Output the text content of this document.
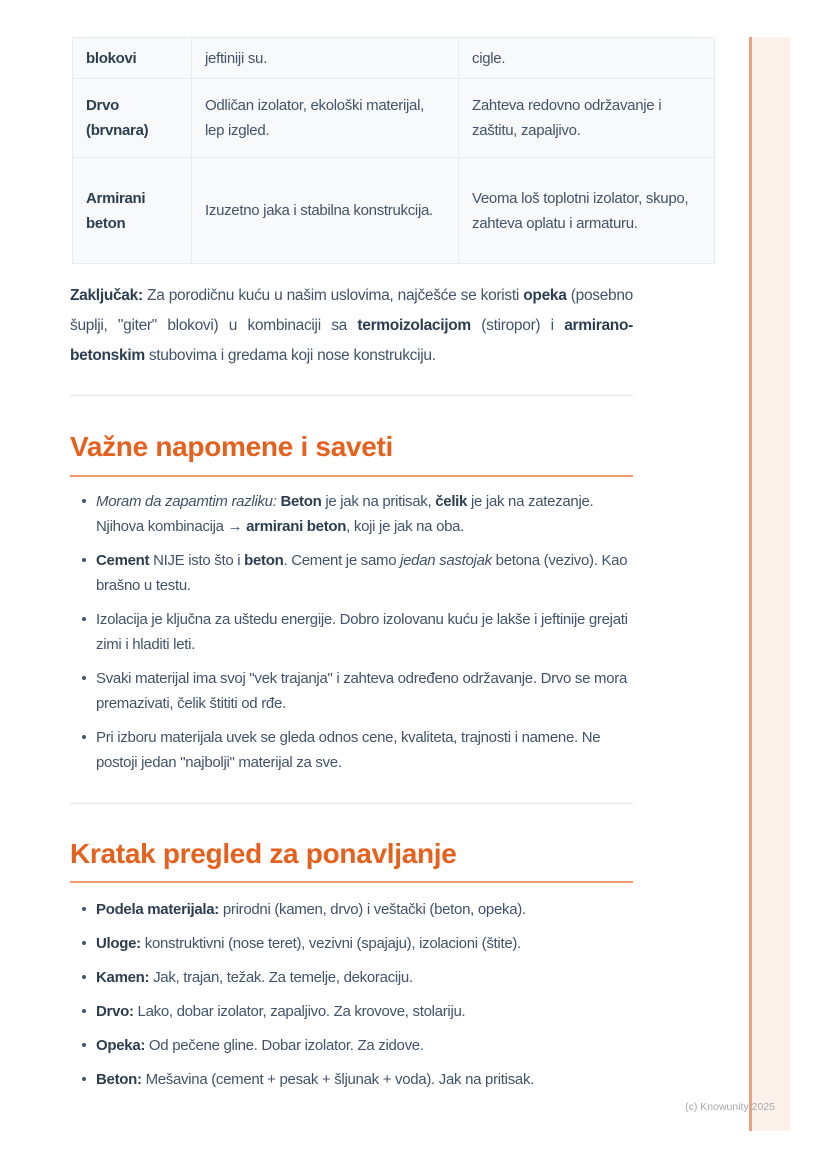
blokovi	jeftiniji su.	cigle.
Drvo (brvnara)	Odličan izolator, ekološki materijal, lep izgled.	Zahteva redovno održavanje i zaštitu, zapaljivo.
Armirani beton	Izuzetno jaka i stabilna konstrukcija.	Veoma loš toplotni izolator, skupo, zahteva oplatu i armaturu.

Zaključak: Za porodičnu kuću u našim uslovima, najčešće se koristi opeka (posebno šuplji, "giter" blokovi) u kombinaciji sa termoizolacijom (stiropor) i armirano-betonskim stubovima i gredama koji nose konstrukciju.

Važne napomene i saveti
Moram da zapamtim razliku: Beton je jak na pritisak, čelik je jak na zatezanje. Njihova kombinacija → armirani beton, koji je jak na oba.
Cement NIJE isto što i beton. Cement je samo jedan sastojak betona (vezivo). Kao brašno u testu.
Izolacija je ključna za uštedu energije. Dobro izolovanu kuću je lakše i jeftinije grejati zimi i hladiti leti.
Svaki materijal ima svoj "vek trajanja" i zahteva određeno održavanje. Drvo se mora premazivati, čelik štititi od rđe.
Pri izboru materijala uvek se gleda odnos cene, kvaliteta, trajnosti i namene. Ne postoji jedan "najbolji" materijal za sve.
Kratak pregled za ponavljanje
Podela materijala: prirodni (kamen, drvo) i veštački (beton, opeka).
Uloge: konstruktivni (nose teret), vezivni (spajaju), izolacioni (štite).
Kamen: Jak, trajan, težak. Za temelje, dekoraciju.
Drvo: Lako, dobar izolator, zapaljivo. Za krovove, stolariju.
Opeka: Od pečene gline. Dobar izolator. Za zidove.
Beton: Mešavina (cement + pesak + šljunak + voda). Jak na pritisak.
(c) Knowunity 2025
